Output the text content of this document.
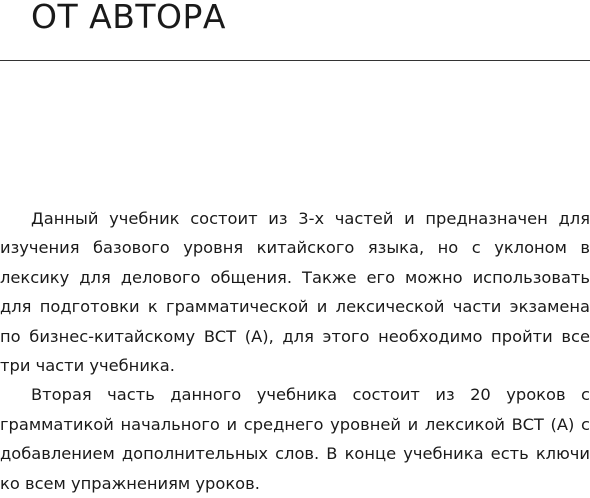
ОТ АВТОРА

Данный учебник состоит из 3-х частей и предназначен для изучения базового уровня китайского языка, но с уклоном в лексику для делового общения. Также его можно использовать для подготовки к грамматической и лексической части экзамена по бизнес-китайскому BCT (A), для этого необходимо пройти все три части учебника.

Вторая часть данного учебника состоит из 20 уроков с грамматикой начального и среднего уровней и лексикой BCT (A) с добавлением дополнительных слов. В конце учебника есть ключи ко всем упражнениям уроков.
